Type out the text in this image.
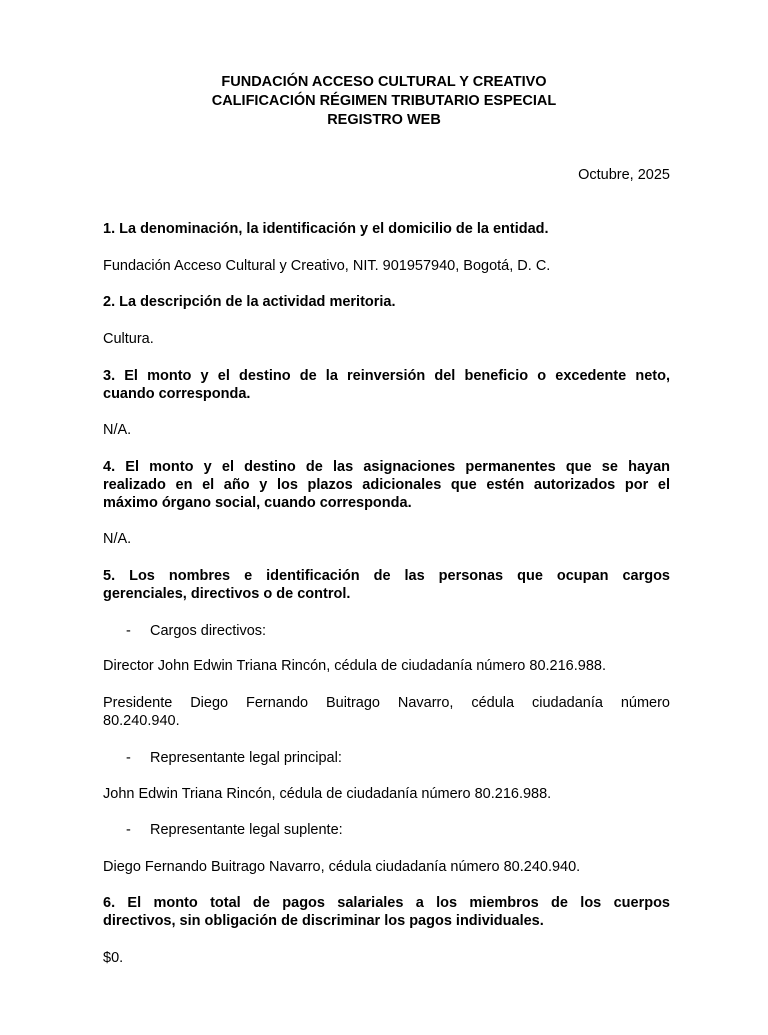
FUNDACIÓN ACCESO CULTURAL Y CREATIVO
CALIFICACIÓN RÉGIMEN TRIBUTARIO ESPECIAL
REGISTRO WEB
Octubre, 2025
1. La denominación, la identificación y el domicilio de la entidad.
Fundación Acceso Cultural y Creativo, NIT. 901957940, Bogotá, D. C.
2. La descripción de la actividad meritoria.
Cultura.
3. El monto y el destino de la reinversión del beneficio o excedente neto,
cuando corresponda.
N/A.
4. El monto y el destino de las asignaciones permanentes que se hayan
realizado en el año y los plazos adicionales que estén autorizados por el
máximo órgano social, cuando corresponda.
N/A.
5. Los nombres e identificación de las personas que ocupan cargos
gerenciales, directivos o de control.
- Cargos directivos:
Director John Edwin Triana Rincón, cédula de ciudadanía número 80.216.988.
Presidente Diego Fernando Buitrago Navarro, cédula ciudadanía número
80.240.940.
- Representante legal principal:
John Edwin Triana Rincón, cédula de ciudadanía número 80.216.988.
- Representante legal suplente:
Diego Fernando Buitrago Navarro, cédula ciudadanía número 80.240.940.
6. El monto total de pagos salariales a los miembros de los cuerpos
directivos, sin obligación de discriminar los pagos individuales.
$0.
